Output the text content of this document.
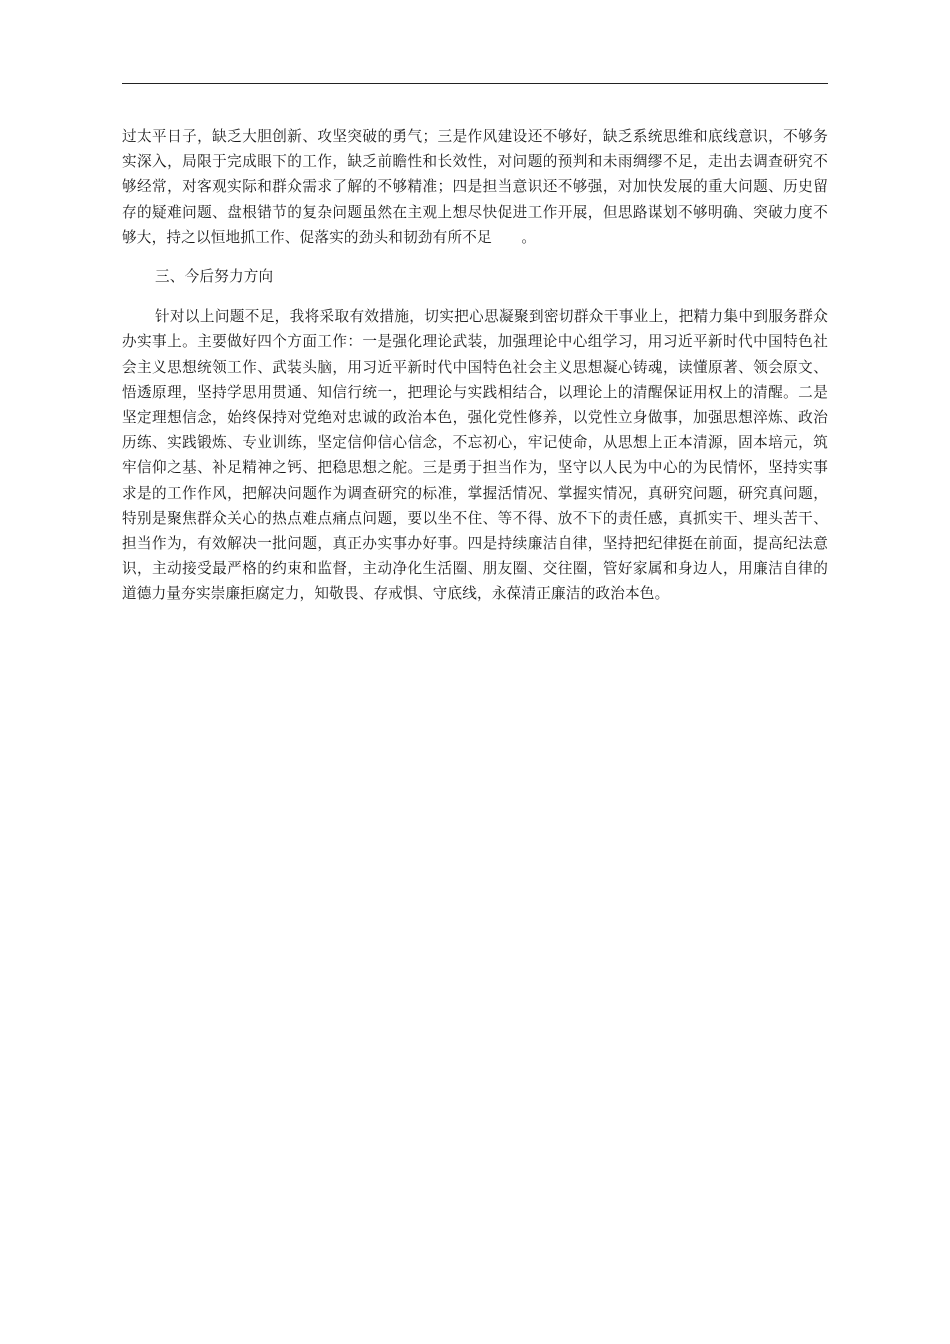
过太平日子，缺乏大胆创新、攻坚突破的勇气；三是作风建设还不够好，缺乏系统思维和底线意识，不够务实深入，局限于完成眼下的工作，缺乏前瞻性和长效性，对问题的预判和未雨绸缪不足，走出去调查研究不够经常，对客观实际和群众需求了解的不够精准；四是担当意识还不够强，对加快发展的重大问题、历史留存的疑难问题、盘根错节的复杂问题虽然在主观上想尽快促进工作开展，但思路谋划不够明确、突破力度不够大，持之以恒地抓工作、促落实的劲头和韧劲有所不足　　。

三、今后努力方向

针对以上问题不足，我将采取有效措施，切实把心思凝聚到密切群众干事业上，把精力集中到服务群众办实事上。主要做好四个方面工作：一是强化理论武装，加强理论中心组学习，用习近平新时代中国特色社会主义思想统领工作、武装头脑，用习近平新时代中国特色社会主义思想凝心铸魂，读懂原著、领会原文、悟透原理，坚持学思用贯通、知信行统一，把理论与实践相结合，以理论上的清醒保证用权上的清醒。二是坚定理想信念，始终保持对党绝对忠诚的政治本色，强化党性修养，以党性立身做事，加强思想淬炼、政治历练、实践锻炼、专业训练，坚定信仰信心信念，不忘初心，牢记使命，从思想上正本清源，固本培元，筑牢信仰之基、补足精神之钙、把稳思想之舵。三是勇于担当作为，坚守以人民为中心的为民情怀，坚持实事求是的工作作风，把解决问题作为调查研究的标准，掌握活情况、掌握实情况，真研究问题，研究真问题，特别是聚焦群众关心的热点难点痛点问题，要以坐不住、等不得、放不下的责任感，真抓实干、埋头苦干、担当作为，有效解决一批问题，真正办实事办好事。四是持续廉洁自律，坚持把纪律挺在前面，提高纪法意识，主动接受最严格的约束和监督，主动净化生活圈、朋友圈、交往圈，管好家属和身边人，用廉洁自律的道德力量夯实崇廉拒腐定力，知敬畏、存戒惧、守底线，永葆清正廉洁的政治本色。
